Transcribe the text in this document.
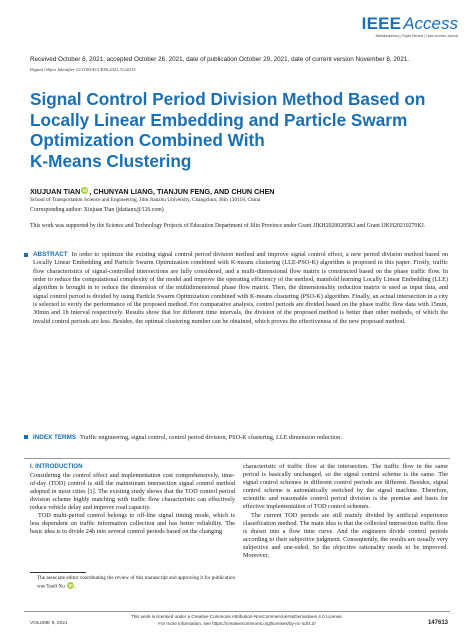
IEEE Access
Multidisciplinary | Rapid Review | Open Access Journal
Received October 8, 2021, accepted October 26, 2021, date of publication October 29, 2021, date of current version November 8, 2021.
Digital Object Identifier 10.1109/ACCESS.2021.3124215
Signal Control Period Division Method Based on
Locally Linear Embedding and Particle Swarm
Optimization Combined With
K-Means Clustering
XIUJUAN TIAN iD , CHUNYAN LIANG, TIANJUN FENG, AND CHUN CHEN
School of Transportation Science and Engineering, Jilin Jianzhu University, Changchun, Jilin 130118, China
Corresponding author: Xiujuan Tian (jdatianx@126.com)
This work was supported by the Science and Technology Projects of Education Department of Jilin Province under Grant JJKH20200285KJ and Grant JJKH20210270KJ.
ABSTRACT In order to optimize the existing signal control period division method and improve signal control effect, a new period division method based on Locally Linear Embedding and Particle Swarm Optimization combined with K-means clustering (LLE-PSO-K) algorithm is proposed in this paper. Firstly, traffic flow characteristics of signal-controlled intersections are fully considered, and a multi-dimensional flow matrix is constructed based on the phase traffic flow. In order to reduce the computational complexity of the model and improve the operating efficiency of the method, manifold learning Locally Linear Embedding (LLE) algorithm is brought in to reduce the dimension of the multidimensional phase flow matrix. Then, the dimensionality reduction matrix is used as input data, and signal control period is divided by using Particle Swarm Optimization combined with K-means clustering (PSO-K) algorithm. Finally, an actual intersection in a city is selected to verify the performance of the proposed method. For comparative analysis, control periods are divided based on the phase traffic flow data with 15min, 30min and 1h interval respectively. Results show that for different time intervals, the division of the proposed method is better than other methods, of which the invalid control periods are less. Besides, the optimal clustering number can be obtained, which proves the effectiveness of the new proposed method.
INDEX TERMS Traffic engineering, signal control, control period division, PSO-K clustering, LLE dimension reduction.
I. INTRODUCTION

Considering the control effect and implementation cost comprehensively, time-of-day (TOD) control is still the mainstream intersection signal control method adopted in most cities [1]. The existing study shows that the TOD control period division scheme highly matching with traffic flow characteristic can effectively reduce vehicle delay and improve road capacity.

TOD multi-period control belongs to off-line signal timing mode, which is less dependent on traffic information collection and has better reliability. The basic idea is to divide 24h into several control periods based on the changing

The associate editor coordinating the review of this manuscript and approving it for publication was Yanli Xu iD .

characteristic of traffic flow at the intersection. The traffic flow in the same period is basically unchanged, so the signal control scheme is the same. The signal control schemes in different control periods are different. Besides, signal control scheme is automatically switched by the signal machine. Therefore, scientific and reasonable control period division is the premise and basis for effective implementation of TOD control schemes.

The current TOD periods are still mainly divided by artificial experience classification method. The main idea is that the collected intersection traffic flow is drawn into a flow time curve. And the engineers divide control periods according to their subjective judgment. Consequently, the results are usually very subjective and one-sided. So the objective rationality needs to be improved. Moreover,

This work is licensed under a Creative Commons Attribution-NonCommercial-NoDerivatives 4.0 License.
For more information, see https://creativecommons.org/licenses/by-nc-nd/4.0/
VOLUME 9, 2021	147613
